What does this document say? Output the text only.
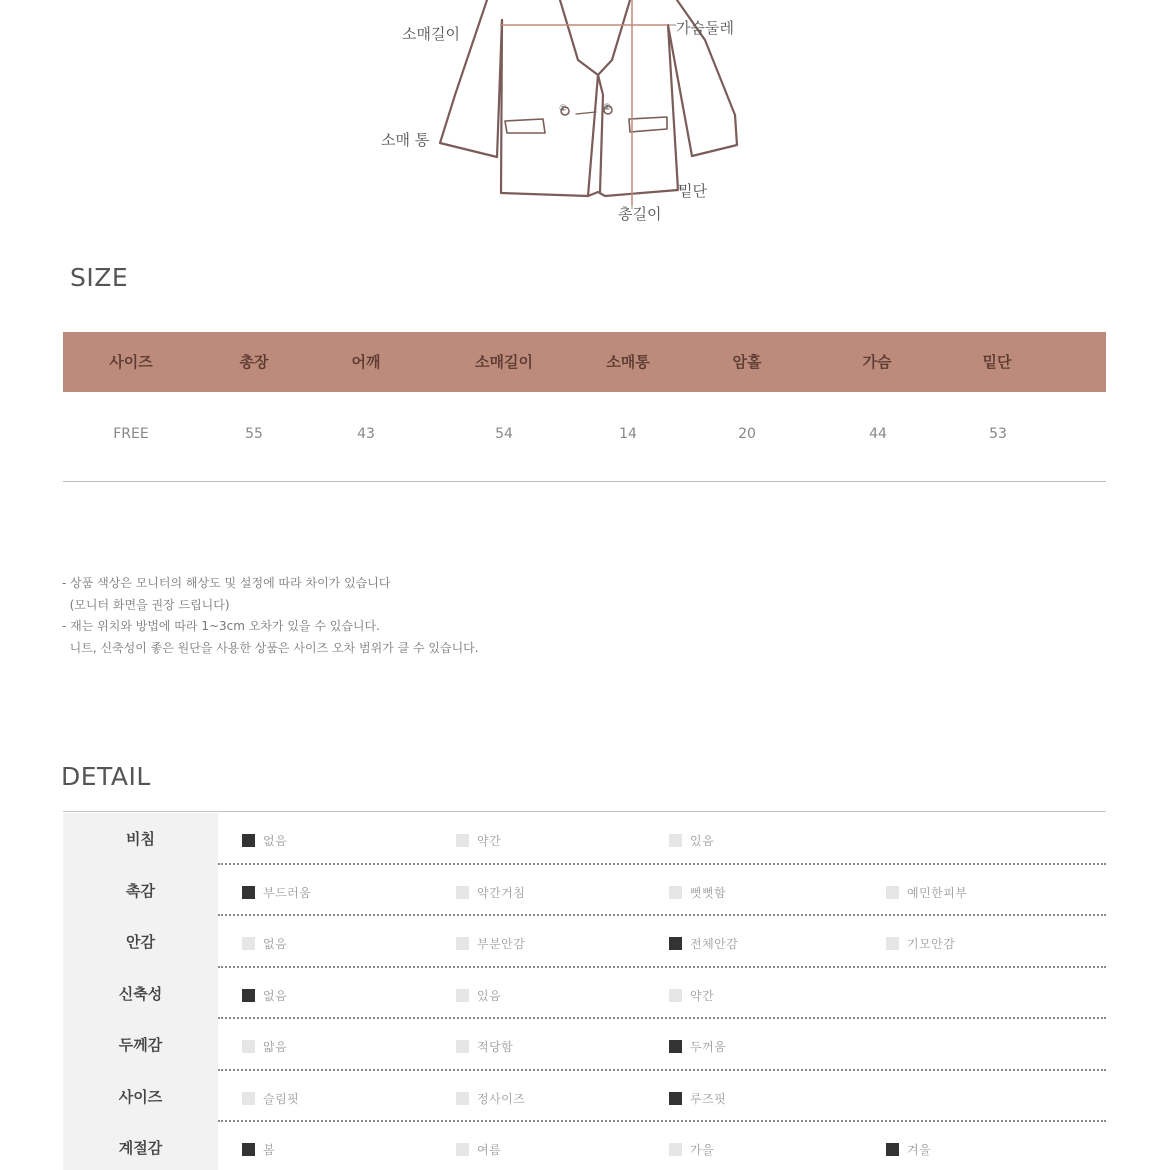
소매길이	가슴둘레
소매 통
밑단
총길이
①	②
SIZE
사이즈	총장	어깨	소매길이	소매통	암홀	가슴	밑단
FREE	55	43	54	14	20	44	53
- 상품 색상은 모니터의 해상도 및 설정에 따라 차이가 있습니다
(모니터 화면을 권장 드립니다)
- 재는 위치와 방법에 따라 1~3cm 오차가 있을 수 있습니다.
니트, 신축성이 좋은 원단을 사용한 상품은 사이즈 오차 범위가 클 수 있습니다.
DETAIL
비침	없음	약간	있음
촉감	부드러움	약간거침	뻣뻣함	예민한피부
안감	없음	부분안감	전체안감	기모안감
신축성	없음	있음	약간
두께감	얇음	적당함	두꺼움
사이즈	슬림핏	정사이즈	루즈핏
계절감	봄	여름	가을	겨울
